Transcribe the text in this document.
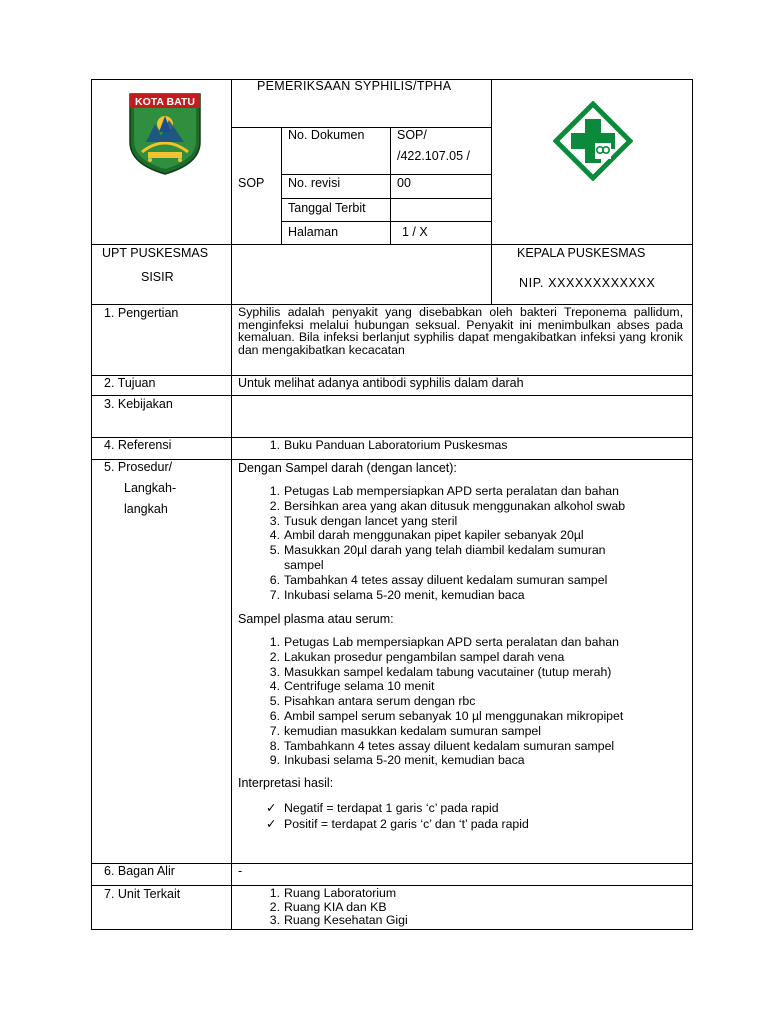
KOTA BATU
PEMERIKSAAN SYPHILIS/TPHA
SOP
No. Dokumen	SOP/
/422.107.05 /
No. revisi	00
Tanggal Terbit
Halaman	1 / X
UPT PUSKESMAS
SISIR
KEPALA PUSKESMAS
NIP. XXXXXXXXXXXX
1. Pengertian	Syphilis adalah penyakit yang disebabkan oleh bakteri Treponema pallidum, menginfeksi melalui hubungan seksual. Penyakit ini menimbulkan abses pada kemaluan. Bila infeksi berlanjut syphilis dapat mengakibatkan infeksi yang kronik dan mengakibatkan kecacatan
2. Tujuan	Untuk melihat adanya antibodi syphilis dalam darah
3. Kebijakan
4. Referensi	1. Buku Panduan Laboratorium Puskesmas
5. Prosedur/
Langkah-
langkah
Dengan Sampel darah (dengan lancet):
1. Petugas Lab mempersiapkan APD serta peralatan dan bahan
2. Bersihkan area yang akan ditusuk menggunakan alkohol swab
3. Tusuk dengan lancet yang steril
4. Ambil darah menggunakan pipet kapiler sebanyak 20µl
5. Masukkan 20µl darah yang telah diambil kedalam sumuran
sampel
6. Tambahkan 4 tetes assay diluent kedalam sumuran sampel
7. Inkubasi selama 5-20 menit, kemudian baca
Sampel plasma atau serum:
1. Petugas Lab mempersiapkan APD serta peralatan dan bahan
2. Lakukan prosedur pengambilan sampel darah vena
3. Masukkan sampel kedalam tabung vacutainer (tutup merah)
4. Centrifuge selama 10 menit
5. Pisahkan antara serum dengan rbc
6. Ambil sampel serum sebanyak 10 µl menggunakan mikropipet
7. kemudian masukkan kedalam sumuran sampel
8. Tambahkann 4 tetes assay diluent kedalam sumuran sampel
9. Inkubasi selama 5-20 menit, kemudian baca
Interpretasi hasil:
✓ Negatif = terdapat 1 garis ‘c’ pada rapid
✓ Positif = terdapat 2 garis ‘c’ dan ‘t’ pada rapid
6. Bagan Alir	-
7. Unit Terkait	1. Ruang Laboratorium
2. Ruang KIA dan KB
3. Ruang Kesehatan Gigi
